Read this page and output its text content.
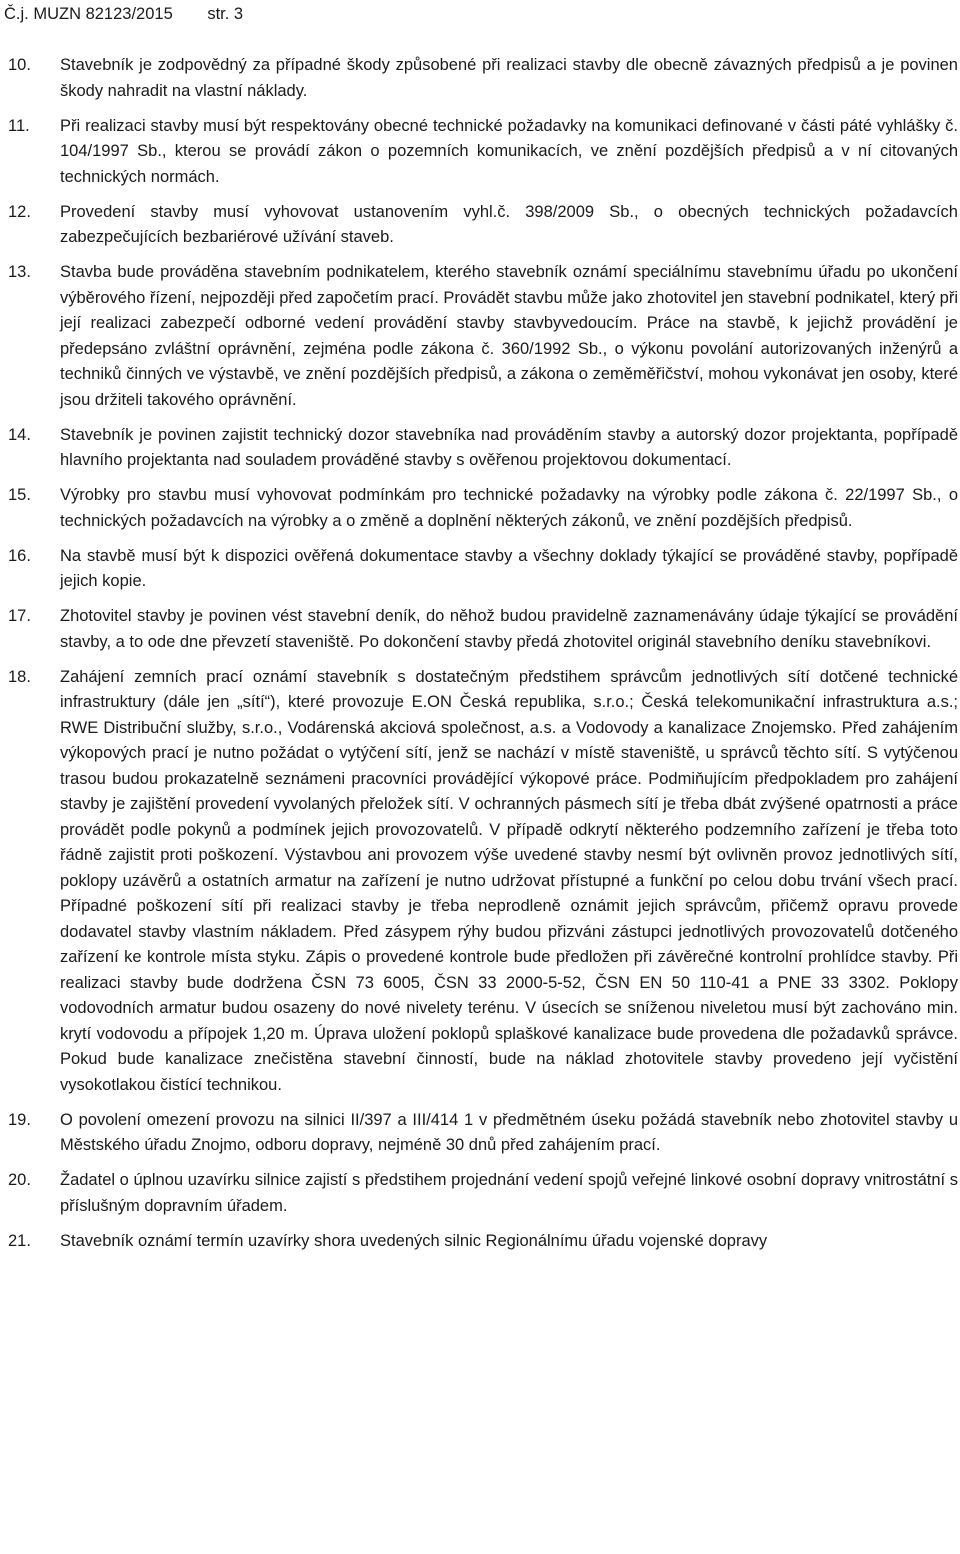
Č.j. MUZN 82123/2015 str. 3
10. Stavebník je zodpovědný za případné škody způsobené při realizaci stavby dle obecně závazných předpisů a je povinen škody nahradit na vlastní náklady.
11. Při realizaci stavby musí být respektovány obecné technické požadavky na komunikaci definované v části páté vyhlášky č. 104/1997 Sb., kterou se provádí zákon o pozemních komunikacích, ve znění pozdějších předpisů a v ní citovaných technických normách.
12. Provedení stavby musí vyhovovat ustanovením vyhl.č. 398/2009 Sb., o obecných technických požadavcích zabezpečujících bezbariérové užívání staveb.
13. Stavba bude prováděna stavebním podnikatelem, kterého stavebník oznámí speciálnímu stavebnímu úřadu po ukončení výběrového řízení, nejpozději před započetím prací. Provádět stavbu může jako zhotovitel jen stavební podnikatel, který při její realizaci zabezpečí odborné vedení provádění stavby stavbyvedoucím. Práce na stavbě, k jejichž provádění je předepsáno zvláštní oprávnění, zejména podle zákona č. 360/1992 Sb., o výkonu povolání autorizovaných inženýrů a techniků činných ve výstavbě, ve znění pozdějších předpisů, a zákona o zeměměřičství, mohou vykonávat jen osoby, které jsou držiteli takového oprávnění.
14. Stavebník je povinen zajistit technický dozor stavebníka nad prováděním stavby a autorský dozor projektanta, popřípadě hlavního projektanta nad souladem prováděné stavby s ověřenou projektovou dokumentací.
15. Výrobky pro stavbu musí vyhovovat podmínkám pro technické požadavky na výrobky podle zákona č. 22/1997 Sb., o technických požadavcích na výrobky a o změně a doplnění některých zákonů, ve znění pozdějších předpisů.
16. Na stavbě musí být k dispozici ověřená dokumentace stavby a všechny doklady týkající se prováděné stavby, popřípadě jejich kopie.
17. Zhotovitel stavby je povinen vést stavební deník, do něhož budou pravidelně zaznamenávány údaje týkající se provádění stavby, a to ode dne převzetí staveniště. Po dokončení stavby předá zhotovitel originál stavebního deníku stavebníkovi.
18. Zahájení zemních prací oznámí stavebník s dostatečným předstihem správcům jednotlivých sítí dotčené technické infrastruktury (dále jen „sítí“), které provozuje E.ON Česká republika, s.r.o.; Česká telekomunikační infrastruktura a.s.; RWE Distribuční služby, s.r.o., Vodárenská akciová společnost, a.s. a Vodovody a kanalizace Znojemsko. Před zahájením výkopových prací je nutno požádat o vytýčení sítí, jenž se nachází v místě staveniště, u správců těchto sítí. S vytýčenou trasou budou prokazatelně seznámeni pracovníci provádějící výkopové práce. Podmiňujícím předpokladem pro zahájení stavby je zajištění provedení vyvolaných přeložek sítí. V ochranných pásmech sítí je třeba dbát zvýšené opatrnosti a práce provádět podle pokynů a podmínek jejich provozovatelů. V případě odkrytí některého podzemního zařízení je třeba toto řádně zajistit proti poškození. Výstavbou ani provozem výše uvedené stavby nesmí být ovlivněn provoz jednotlivých sítí, poklopy uzávěrů a ostatních armatur na zařízení je nutno udržovat přístupné a funkční po celou dobu trvání všech prací. Případné poškození sítí při realizaci stavby je třeba neprodleně oznámit jejich správcům, přičemž opravu provede dodavatel stavby vlastním nákladem. Před zásypem rýhy budou přizváni zástupci jednotlivých provozovatelů dotčeného zařízení ke kontrole místa styku. Zápis o provedené kontrole bude předložen při závěrečné kontrolní prohlídce stavby. Při realizaci stavby bude dodržena ČSN 73 6005, ČSN 33 2000-5-52, ČSN EN 50 110-41 a PNE 33 3302. Poklopy vodovodních armatur budou osazeny do nové nivelety terénu. V úsecích se sníženou niveletou musí být zachováno min. krytí vodovodu a přípojek 1,20 m. Úprava uložení poklopů splaškové kanalizace bude provedena dle požadavků správce. Pokud bude kanalizace znečistěna stavební činností, bude na náklad zhotovitele stavby provedeno její vyčistění vysokotlakou čistící technikou.
19. O povolení omezení provozu na silnici II/397 a III/414 1 v předmětném úseku požádá stavebník nebo zhotovitel stavby u Městského úřadu Znojmo, odboru dopravy, nejméně 30 dnů před zahájením prací.
20. Žadatel o úplnou uzavírku silnice zajistí s předstihem projednání vedení spojů veřejné linkové osobní dopravy vnitrostátní s příslušným dopravním úřadem.
21. Stavebník oznámí termín uzavírky shora uvedených silnic Regionálnímu úřadu vojenské dopravy
